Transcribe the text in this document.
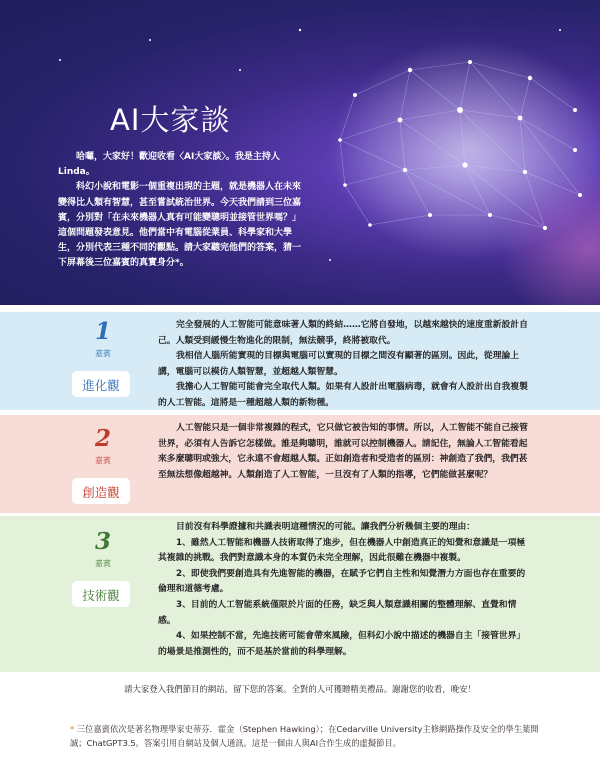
AI大家談

哈囉，大家好！歡迎收看〈AI大家談〉。我是主持人Linda。

科幻小說和電影一個重複出現的主題，就是機器人在未來變得比人類有智慧，甚至嘗試統治世界。今天我們請到三位嘉賓，分別對「在未來機器人真有可能變聰明並接管世界嗎？」這個問題發表意見。他們當中有電腦從業員、科學家和大學生，分別代表三種不同的觀點。請大家聽完他們的答案，猜一下屏幕後三位嘉賓的真實身分*。

1
嘉賓
進化觀

完全發展的人工智能可能意味著人類的終結……它將自發地，以越來越快的速度重新設計自己。人類受到緩慢生物進化的限制，無法競爭，終將被取代。

我相信人腦所能實現的目標與電腦可以實現的目標之間沒有顯著的區別。因此，從理論上講，電腦可以模仿人類智慧，並超越人類智慧。

我擔心人工智能可能會完全取代人類。如果有人設計出電腦病毒，就會有人設計出自我複製的人工智能。這將是一種超越人類的新物種。

2
嘉賓
創造觀

人工智能只是一個非常複雜的程式，它只做它被告知的事情。所以，人工智能不能自己接管世界，必須有人告訴它怎樣做。誰是夠聰明，誰就可以控制機器人。請記住，無論人工智能看起來多麼聰明或強大，它永遠不會超越人類。正如創造者和受造者的區別：神創造了我們，我們甚至無法想像超越神。人類創造了人工智能，一旦沒有了人類的指導，它們能做甚麼呢？

3
嘉賓
技術觀

目前沒有科學證據和共識表明這種情況的可能。讓我們分析幾個主要的理由：

1、雖然人工智能和機器人技術取得了進步，但在機器人中創造真正的知覺和意識是一項極其複雜的挑戰。我們對意識本身的本質仍未完全理解，因此很難在機器中複製。

2、即使我們要創造具有先進智能的機器，在賦予它們自主性和知覺潛力方面也存在重要的倫理和道德考慮。

3、目前的人工智能系統僅限於片面的任務，缺乏與人類意識相關的整體理解、直覺和情感。

4、如果控制不當，先進技術可能會帶來風險，但科幻小說中描述的機器自主「接管世界」的場景是推測性的，而不是基於當前的科學理解。

請大家登入我們節目的網站，留下您的答案。全對的人可獲贈精美禮品。謝謝您的收看，晚安！
* 三位嘉賓依次是著名物理學家史蒂芬．霍金（Stephen Hawking）；在Cedarville University主修網路操作及安全的學生葉開誠；ChatGPT3.5。答案引用自網站及個人通訊。這是一個由人與AI合作生成的虛擬節目。
